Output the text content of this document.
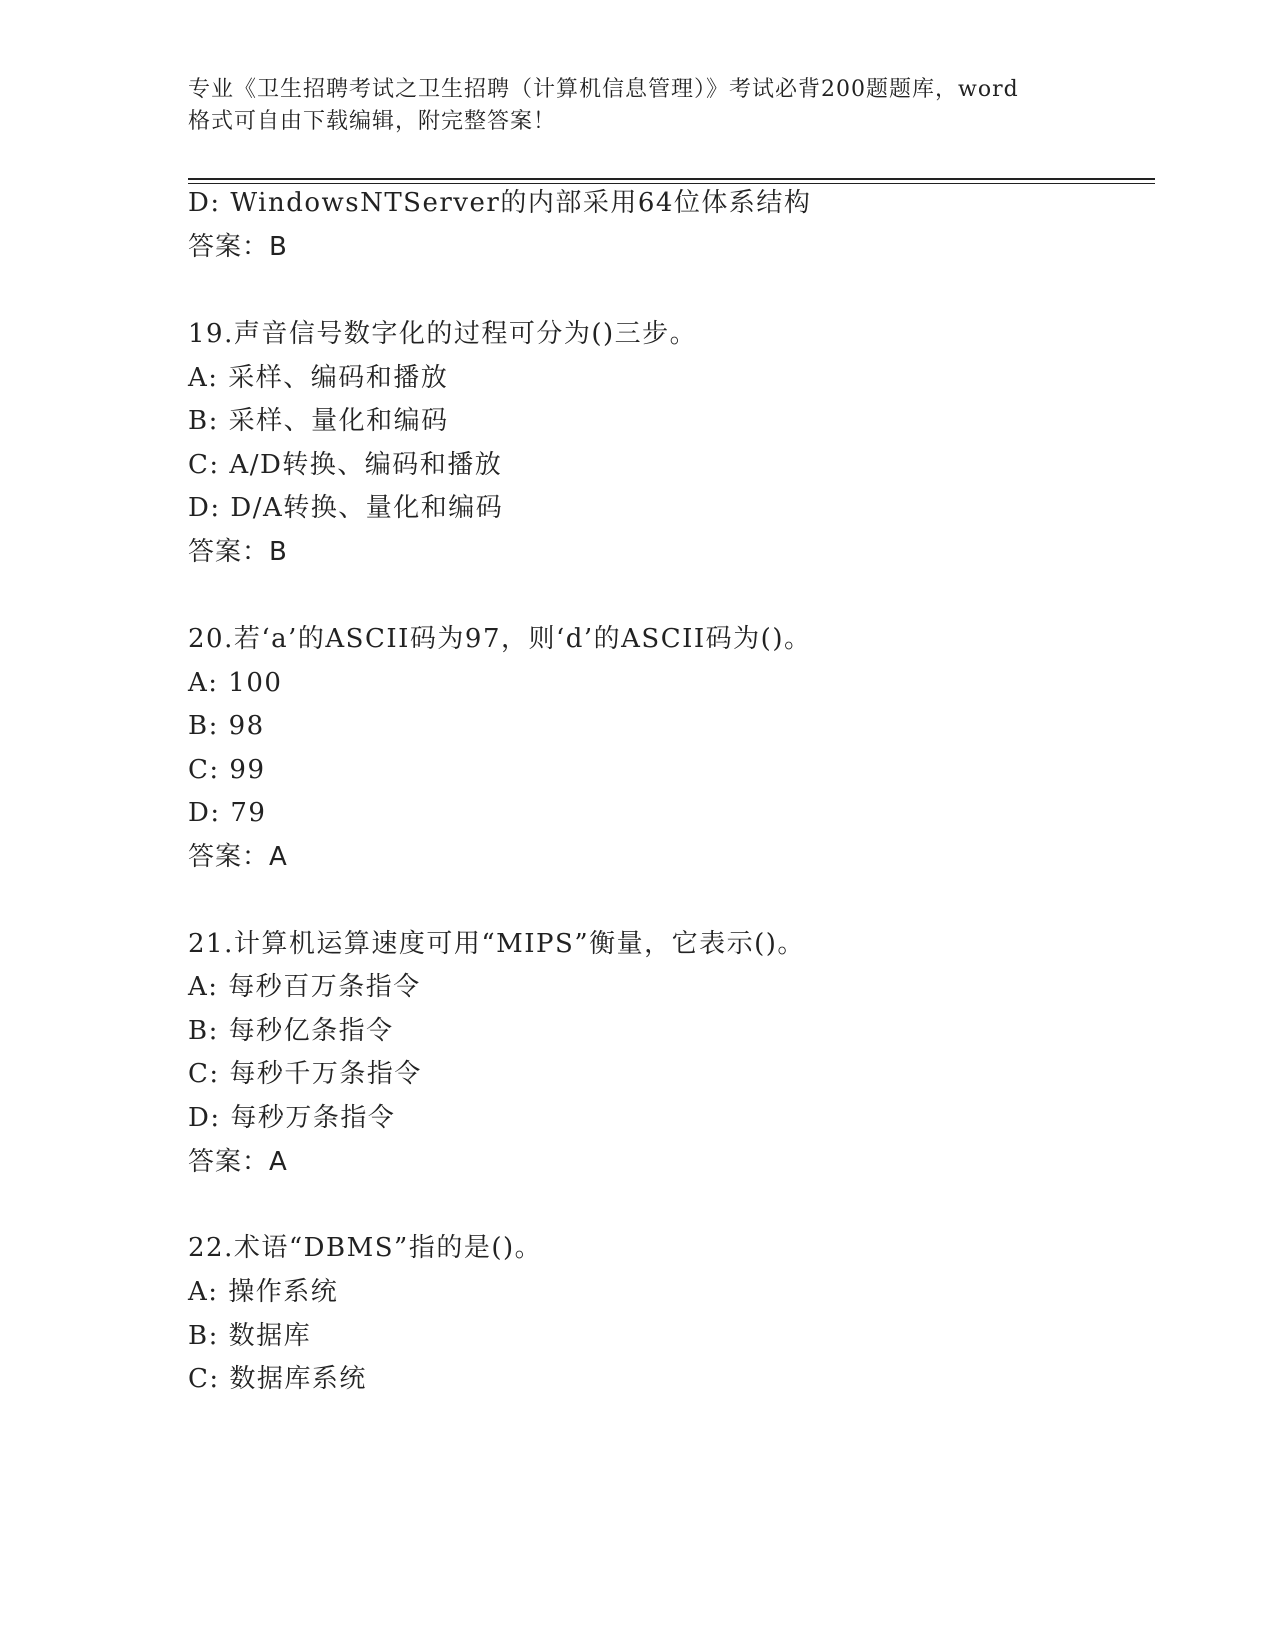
专业《卫生招聘考试之卫生招聘（计算机信息管理）》考试必背200题题库，word
格式可自由下载编辑，附完整答案！
D: WindowsNTServer的内部采用64位体系结构
答案：B
19.声音信号数字化的过程可分为()三步。
A: 采样、编码和播放
B: 采样、量化和编码
C: A/D转换、编码和播放
D: D/A转换、量化和编码
答案：B
20.若‘a’的ASCII码为97，则‘d’的ASCII码为()。
A: 100
B: 98
C: 99
D: 79
答案：A
21.计算机运算速度可用“MIPS”衡量，它表示()。
A: 每秒百万条指令
B: 每秒亿条指令
C: 每秒千万条指令
D: 每秒万条指令
答案：A
22.术语“DBMS”指的是()。
A: 操作系统
B: 数据库
C: 数据库系统
